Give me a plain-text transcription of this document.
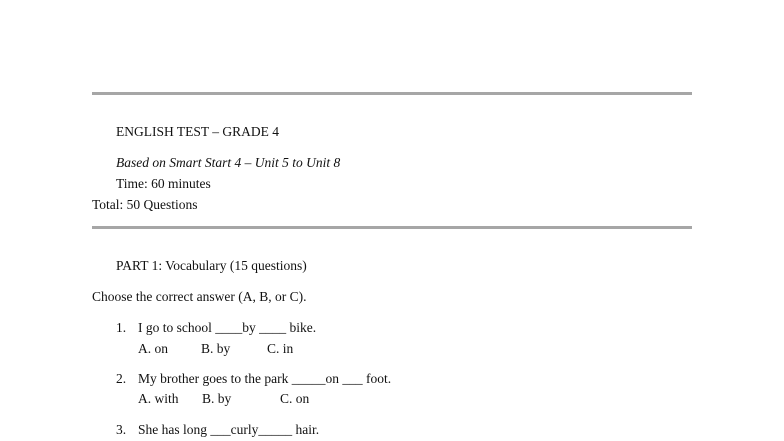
ENGLISH TEST – GRADE 4
Based on Smart Start 4 – Unit 5 to Unit 8
Time: 60 minutes
Total: 50 Questions
PART 1: Vocabulary (15 questions)
Choose the correct answer (A, B, or C).
1. I go to school ____by ____ bike.
A. on B. by	C. in
2. My brother goes to the park _____on ___ foot.
A. with B. by	C. on
3. She has long ___curly_____ hair.
